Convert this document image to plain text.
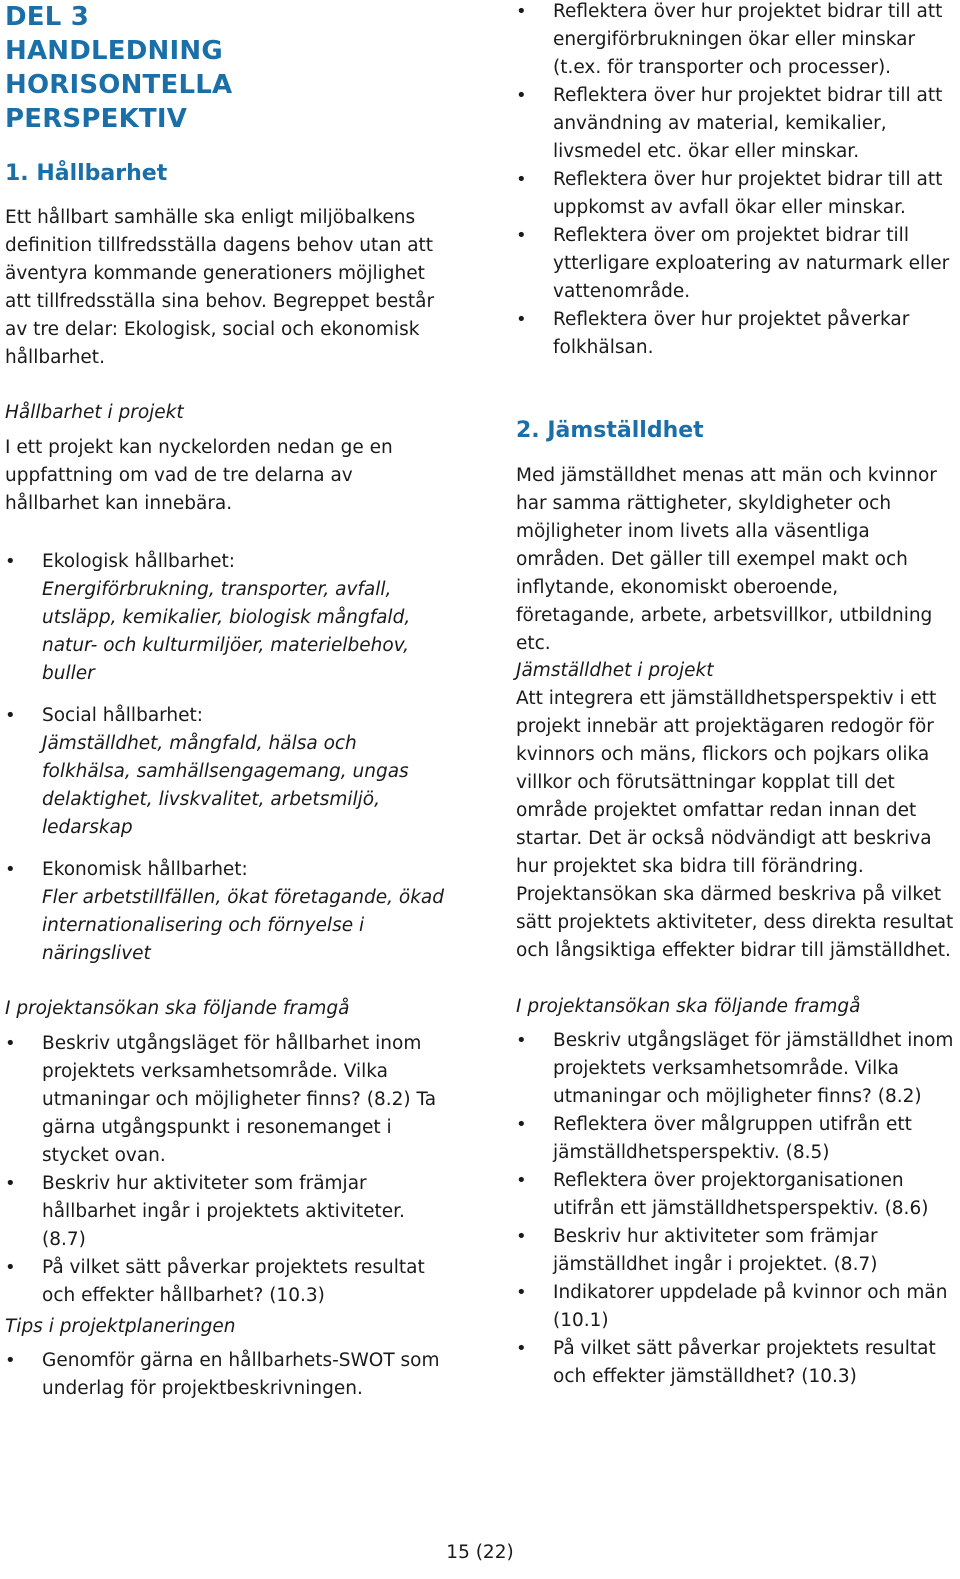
DEL 3
HANDLEDNING HORISONTELLA
PERSPEKTIV
1. Hållbarhet

Ett hållbart samhälle ska enligt miljöbalkens definition tillfredsställa dagens behov utan att äventyra kommande generationers möjlighet att tillfredsställa sina behov. Begreppet består av tre delar: Ekologisk, social och ekonomisk hållbarhet.

Hållbarhet i projekt

I ett projekt kan nyckelorden nedan ge en uppfattning om vad de tre delarna av hållbarhet kan innebära.

• Ekologisk hållbarhet:
Energiförbrukning, transporter, avfall, utsläpp, kemikalier, biologisk mångfald, natur- och kulturmiljöer, materielbehov, buller
• Social hållbarhet:
Jämställdhet, mångfald, hälsa och folkhälsa, samhällsengagemang, ungas delaktighet, livskvalitet, arbetsmiljö, ledarskap
• Ekonomisk hållbarhet:
Fler arbetstillfällen, ökat företagande, ökad internationalisering och förnyelse i näringslivet
I projektansökan ska följande framgå
• Beskriv utgångsläget för hållbarhet inom projektets verksamhetsområde. Vilka utmaningar och möjligheter finns? (8.2) Ta gärna utgångspunkt i resonemanget i stycket ovan.
• Beskriv hur aktiviteter som främjar hållbarhet ingår i projektets aktiviteter. (8.7)
• På vilket sätt påverkar projektets resultat och effekter hållbarhet? (10.3)
Tips i projektplaneringen
• Genomför gärna en hållbarhets-SWOT som underlag för projektbeskrivningen.
• Reflektera över hur projektet bidrar till att energiförbrukningen ökar eller minskar (t.ex. för transporter och processer).
• Reflektera över hur projektet bidrar till att användning av material, kemikalier, livsmedel etc. ökar eller minskar.
• Reflektera över hur projektet bidrar till att uppkomst av avfall ökar eller minskar.
• Reflektera över om projektet bidrar till ytterligare exploatering av naturmark eller vattenområde.
• Reflektera över hur projektet påverkar folkhälsan.
2. Jämställdhet

Med jämställdhet menas att män och kvinnor har samma rättigheter, skyldigheter och möjligheter inom livets alla väsentliga områden. Det gäller till exempel makt och inflytande, ekonomiskt oberoende, företagande, arbete, arbetsvillkor, utbildning etc.

Jämställdhet i projekt

Att integrera ett jämställdhetsperspektiv i ett projekt innebär att projektägaren redogör för kvinnors och mäns, flickors och pojkars olika villkor och förutsättningar kopplat till det område projektet omfattar redan innan det startar. Det är också nödvändigt att beskriva hur projektet ska bidra till förändring. Projektansökan ska därmed beskriva på vilket sätt projektets aktiviteter, dess direkta resultat och långsiktiga effekter bidrar till jämställdhet.

I projektansökan ska följande framgå
• Beskriv utgångsläget för jämställdhet inom projektets verksamhetsområde. Vilka utmaningar och möjligheter finns? (8.2)
• Reflektera över målgruppen utifrån ett jämställdhetsperspektiv. (8.5)
• Reflektera över projektorganisationen utifrån ett jämställdhetsperspektiv. (8.6)
• Beskriv hur aktiviteter som främjar jämställdhet ingår i projektet. (8.7)
• Indikatorer uppdelade på kvinnor och män (10.1)
• På vilket sätt påverkar projektets resultat och effekter jämställdhet? (10.3)
15 (22)
